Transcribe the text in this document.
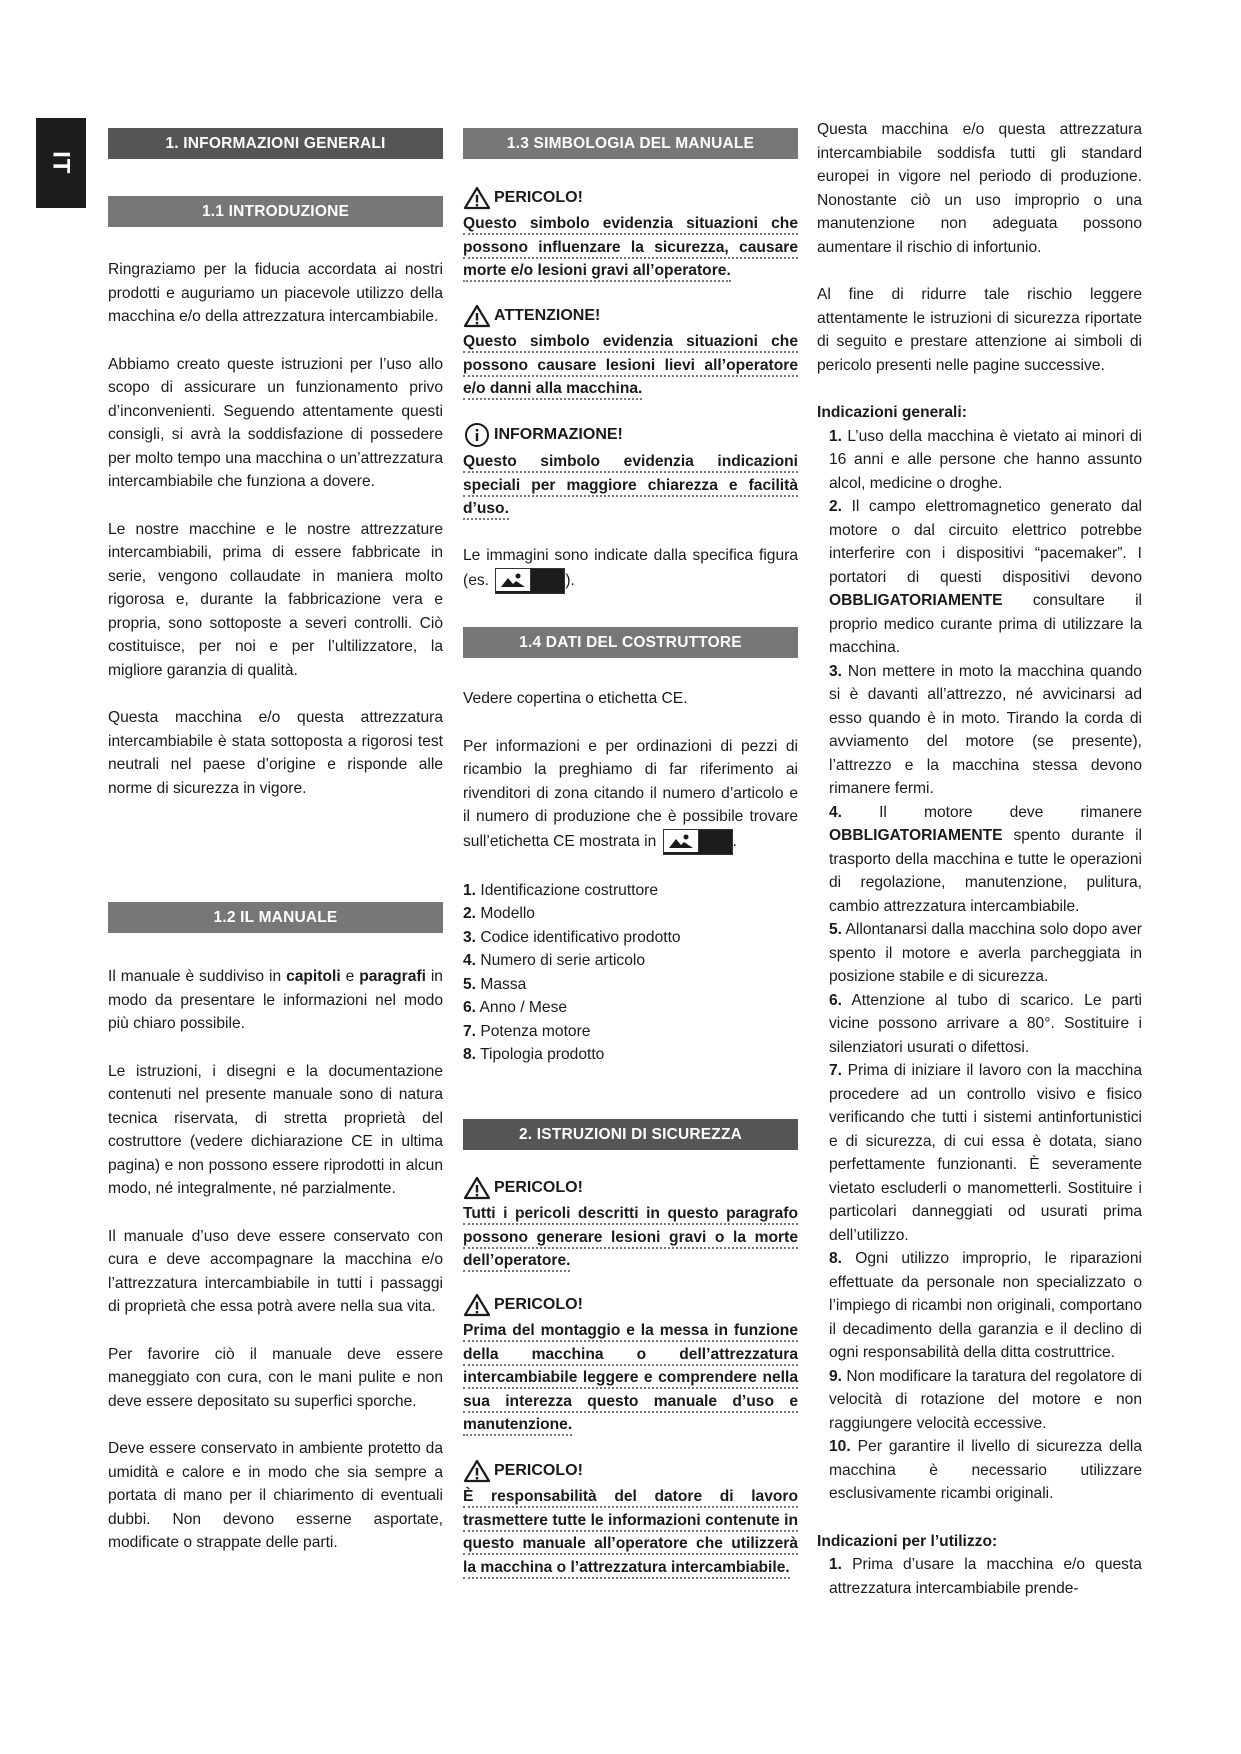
IT
1. INFORMAZIONI GENERALI
1.1 INTRODUZIONE

Ringraziamo per la fiducia accordata ai nostri prodotti e auguriamo un piacevole utilizzo della macchina e/o della attrezzatura intercambiabile.

Abbiamo creato queste istruzioni per l’uso allo scopo di assicurare un funzionamento privo d’inconvenienti. Seguendo attentamente questi consigli, si avrà la soddisfazione di possedere per molto tempo una macchina o un’attrezzatura intercambiabile che funziona a dovere.

Le nostre macchine e le nostre attrezzature intercambiabili, prima di essere fabbricate in serie, vengono collaudate in maniera molto rigorosa e, durante la fabbricazione vera e propria, sono sottoposte a severi controlli. Ciò costituisce, per noi e per l’ultilizzatore, la migliore garanzia di qualità.

Questa macchina e/o questa attrezzatura intercambiabile è stata sottoposta a rigorosi test neutrali nel paese d’origine e risponde alle norme di sicurezza in vigore.

1.2 IL MANUALE

Il manuale è suddiviso in capitoli e paragrafi in modo da presentare le informazioni nel modo più chiaro possibile.

Le istruzioni, i disegni e la documentazione contenuti nel presente manuale sono di natura tecnica riservata, di stretta proprietà del costruttore (vedere dichiarazione CE in ultima pagina) e non possono essere riprodotti in alcun modo, né integralmente, né parzialmente.

Il manuale d’uso deve essere conservato con cura e deve accompagnare la macchina e/o l’attrezzatura intercambiabile in tutti i passaggi di proprietà che essa potrà avere nella sua vita.

Per favorire ciò il manuale deve essere maneggiato con cura, con le mani pulite e non deve essere depositato su superfici sporche.

Deve essere conservato in ambiente protetto da umidità e calore e in modo che sia sempre a portata di mano per il chiarimento di eventuali dubbi. Non devono esserne asportate, modificate o strappate delle parti.

1.3 SIMBOLOGIA DEL MANUALE
PERICOLO!
Questo simbolo evidenzia situazioni che possono influenzare la sicurezza, causare morte e/o lesioni gravi all’operatore.
ATTENZIONE!
Questo simbolo evidenzia situazioni che possono causare lesioni lievi all’operatore e/o danni alla macchina.
INFORMAZIONE!
Questo simbolo evidenzia indicazioni speciali per maggiore chiarezza e facilità d’uso.

Le immagini sono indicate dalla specifica figura (es.	).

1.4 DATI DEL COSTRUTTORE

Vedere copertina o etichetta CE.

Per informazioni e per ordinazioni di pezzi di ricambio la preghiamo di far riferimento ai rivenditori di zona citando il numero d’articolo e il numero di produzione che è possibile trovare sull’etichetta CE mostrata in	.

1. Identificazione costruttore
2. Modello
3. Codice identificativo prodotto
4. Numero di serie articolo
5. Massa
6. Anno / Mese
7. Potenza motore
8. Tipologia prodotto
2. ISTRUZIONI DI SICUREZZA
PERICOLO!
Tutti i pericoli descritti in questo paragrafo possono generare lesioni gravi o la morte dell’operatore.
PERICOLO!
Prima del montaggio e la messa in funzione della macchina o dell’attrezzatura intercambiabile leggere e comprendere nella sua interezza questo manuale d’uso e manutenzione.
PERICOLO!
È responsabilità del datore di lavoro trasmettere tutte le informazioni contenute in questo manuale all’operatore che utilizzerà la macchina o l’attrezzatura intercambiabile.

Questa macchina e/o questa attrezzatura intercambiabile soddisfa tutti gli standard europei in vigore nel periodo di produzione. Nonostante ciò un uso improprio o una manutenzione non adeguata possono aumentare il rischio di infortunio.

Al fine di ridurre tale rischio leggere attentamente le istruzioni di sicurezza riportate di seguito e prestare attenzione ai simboli di pericolo presenti nelle pagine successive.

Indicazioni generali:
1. L’uso della macchina è vietato ai minori di 16 anni e alle persone che hanno assunto alcol, medicine o droghe.
2. Il campo elettromagnetico generato dal motore o dal circuito elettrico potrebbe interferire con i dispositivi “pacemaker”. I portatori di questi dispositivi devono OBBLIGATORIAMENTE consultare il proprio medico curante prima di utilizzare la macchina.
3. Non mettere in moto la macchina quando si è davanti all’attrezzo, né avvicinarsi ad esso quando è in moto. Tirando la corda di avviamento del motore (se presente), l’attrezzo e la macchina stessa devono rimanere fermi.
4. Il motore deve rimanere OBBLIGATORIAMENTE spento durante il trasporto della macchina e tutte le operazioni di regolazione, manutenzione, pulitura, cambio attrezzatura intercambiabile.
5. Allontanarsi dalla macchina solo dopo aver spento il motore e averla parcheggiata in posizione stabile e di sicurezza.
6. Attenzione al tubo di scarico. Le parti vicine possono arrivare a 80°. Sostituire i silenziatori usurati o difettosi.
7. Prima di iniziare il lavoro con la macchina procedere ad un controllo visivo e fisico verificando che tutti i sistemi antinfortunistici e di sicurezza, di cui essa è dotata, siano perfettamente funzionanti. È severamente vietato escluderli o manometterli. Sostituire i particolari danneggiati od usurati prima dell’utilizzo.
8. Ogni utilizzo improprio, le riparazioni effettuate da personale non specializzato o l’impiego di ricambi non originali, comportano il decadimento della garanzia e il declino di ogni responsabilità della ditta costruttrice.
9. Non modificare la taratura del regolatore di velocità di rotazione del motore e non raggiungere velocità eccessive.
10. Per garantire il livello di sicurezza della macchina è necessario utilizzare esclusivamente ricambi originali.
Indicazioni per l’utilizzo:
1. Prima d’usare la macchina e/o questa attrezzatura intercambiabile prende-
